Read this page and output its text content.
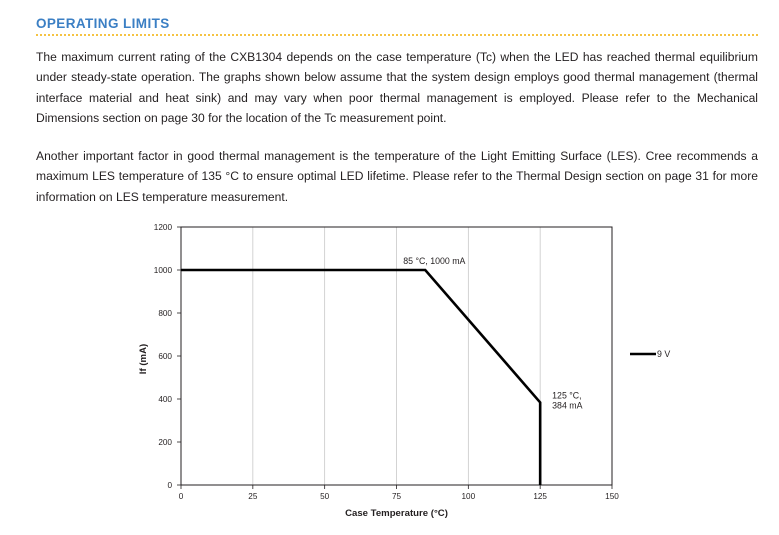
OPERATING LIMITS

The maximum current rating of the CXB1304 depends on the case temperature (Tc) when the LED has reached thermal equilibrium under steady-state operation. The graphs shown below assume that the system design employs good thermal management (thermal interface material and heat sink) and may vary when poor thermal management is employed. Please refer to the Mechanical Dimensions section on page 30 for the location of the Tc measurement point.

Another important factor in good thermal management is the temperature of the Light Emitting Surface (LES). Cree recommends a maximum LES temperature of 135 °C to ensure optimal LED lifetime. Please refer to the Thermal Design section on page 31 for more information on LES temperature measurement.

0	25	50	75	100	125	150
0
200
400
600
800
1000
1200
85 °C, 1000 mA
125 °C,
384 mA
Case Temperature (°C)
If (mA)	9 V
